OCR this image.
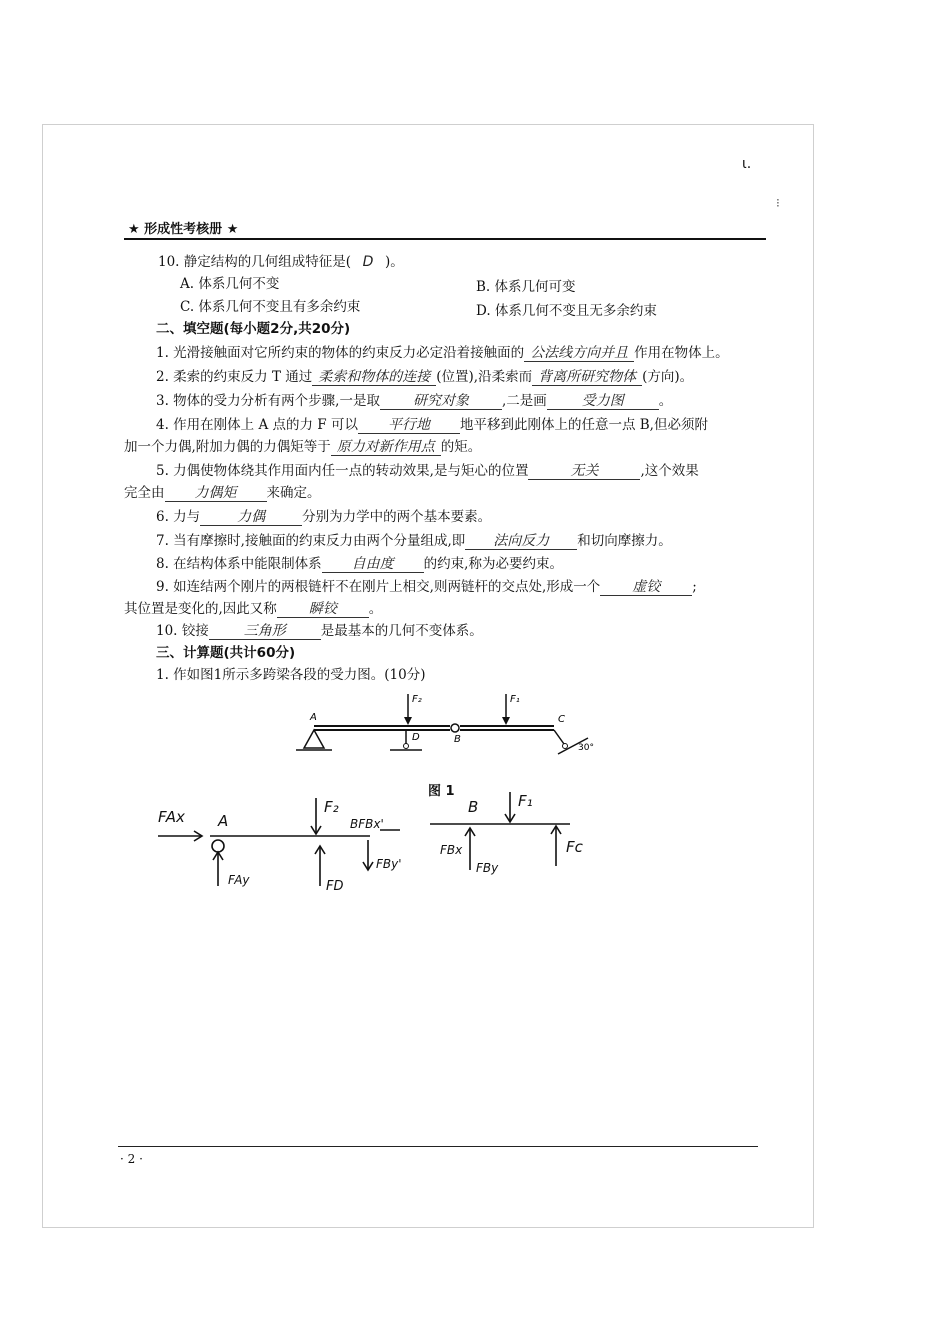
ι.
⁝
★ 形成性考核册 ★
10. 静定结构的几何组成特征是( D )。
A. 体系几何不变	B. 体系几何可变
C. 体系几何不变且有多余约束	D. 体系几何不变且无多余约束
二、填空题(每小题2分,共20分)
1. 光滑接触面对它所约束的物体的约束反力必定沿着接触面的 公法线方向并且 作用在物体上。
2. 柔索的约束反力 T 通过 柔索和物体的连接 (位置),沿柔索而 背离所研究物体 (方向)。
3. 物体的受力分析有两个步骤,一是取 研究对象 ,二是画	受力图	。
4. 作用在刚体上 A 点的力 F 可以 平行地 地平移到此刚体上的任意一点 B,但必须附
加一个力偶,附加力偶的力偶矩等于 原力对新作用点 的矩。
5. 力偶使物体绕其作用面内任一点的转动效果,是与矩心的位置	无关	,这个效果
完全由 力偶矩 来确定。
6. 力与	力偶	分别为力学中的两个基本要素。
7. 当有摩擦时,接触面的约束反力由两个分量组成,即 法向反力 和切向摩擦力。
8. 在结构体系中能限制体系 自由度 的约束,称为必要约束。
9. 如连结两个刚片的两根链杆不在刚片上相交,则两链杆的交点处,形成一个 虚铰 ;
其位置是变化的,因此又称 瞬铰 。
10. 铰接	三角形	是最基本的几何不变体系。
三、计算题(共计60分)
1. 作如图1所示多跨梁各段的受力图。(10分)
A
F₂	F₁
D	B
C
30°
图 1
FAx A
FAy
F₂
BFBx'
FD
FBy'
B
FBx
FBy
F₁
Fc
· 2 ·
